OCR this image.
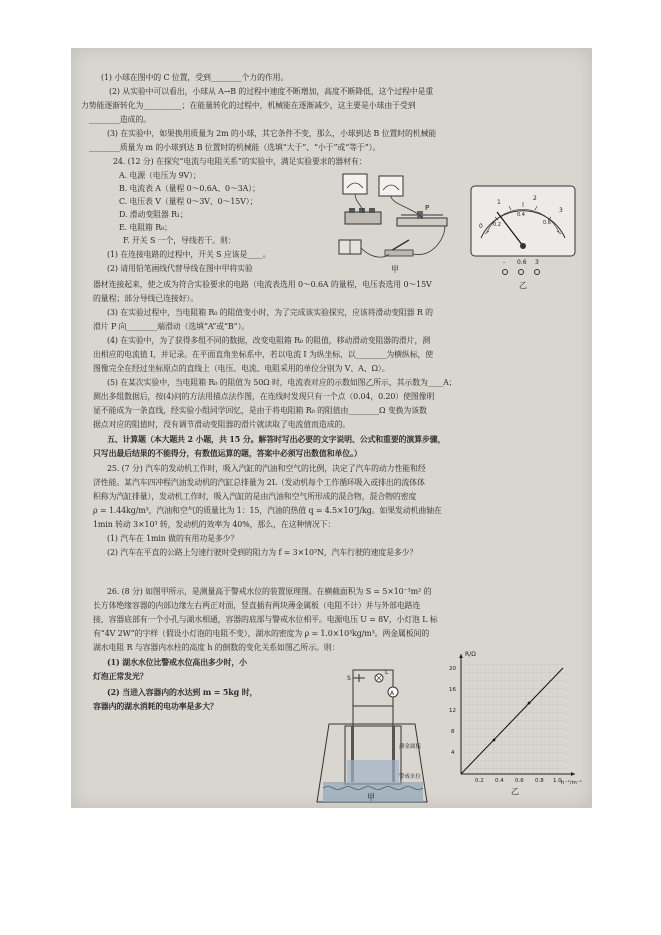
(1) 小球在图中的 C 位置，受到________个力的作用。
(2) 从实验中可以看出，小球从 A→B 的过程中速度不断增加，高度不断降低，这个过程中是重
力势能逐渐转化为__________；在能量转化的过程中，机械能在逐渐减少，这主要是小球由于受到
________造成的。
(3) 在实验中，如果换用质量为 2m 的小球，其它条件不变，那么，小球到达 B 位置时的机械能
________质量为 m 的小球到达 B 位置时的机械能（选填“大于”、“小于”或“等于”）。
24. (12 分) 在探究“电流与电阻关系”的实验中，满足实验要求的器材有：
A. 电源（电压为 9V）；
B. 电流表 A（量程 0～0.6A、0～3A）；
C. 电压表 V（量程 0～3V、0～15V）；
D. 滑动变阻器 R₁；
E. 电阻箱 R₀；
F. 开关 S 一个，导线若干。则：
(1) 在连接电路的过程中，开关 S 应该是____。
(2) 请用铅笔画线代替导线在图中甲将实验
器材连接起来，使之成为符合实验要求的电路（电流表选用 0～0.6A 的量程，电压表选用 0～15V
的量程；部分导线已连接好）。
(3) 在实验过程中，当电阻箱 R₀ 的阻值变小时，为了完成该实验探究，应该将滑动变阻器 R 的
滑片 P 向________端滑动（选填“A”或“B”）。
(4) 在实验中，为了获得多组不同的数据，改变电阻箱 R₀ 的阻值，移动滑动变阻器的滑片，测
出相应的电流值 I，并记录。在平面直角坐标系中，若以电流 I 为纵坐标，以________为横纵标，使
图像完全在经过坐标原点的直线上（电压、电流、电阻采用的单位分别为 V、A、Ω）。
(5) 在某次实验中，当电阻箱 R₀ 的阻值为 50Ω 时，电流表对应的示数如图乙所示，其示数为____A；
测出多组数据后，按(4)问的方法用描点法作图，在连线时发现只有一个点（0.04，0.20）使图像明
显不能成为一条直线，经实验小组同学回忆，是由于将电阻箱 R₀ 的阻值由________Ω 变换为该数
据点对应的阻值时，没有调节滑动变阻器的滑片就读取了电流值而造成的。
五、计算题（本大题共 2 小题，共 15 分。解答时写出必要的文字说明、公式和重要的演算步骤，
只写出最后结果的不能得分，有数值运算的题，答案中必须写出数值和单位。）
25. (7 分) 汽车的发动机工作时，吸入汽缸的汽油和空气的比例，决定了汽车的动力性能和经
济性能。某汽车四冲程汽油发动机的汽缸总排量为 2L（发动机每个工作循环吸入或排出的流体体
积称为汽缸排量），发动机工作时，吸入汽缸的是由汽油和空气所形成的混合物，混合物的密度
ρ = 1.44kg/m³，汽油和空气的质量比为 1：15，汽油的热值 q = 4.5×10⁷J/kg。如果发动机曲轴在
1min 转动 3×10³ 转，发动机的效率为 40%，那么，在这种情况下：
(1) 汽车在 1min 做的有用功是多少？
(2) 汽车在平直的公路上匀速行驶时受到的阻力为 f = 3×10³N，汽车行驶的速度是多少？
26. (8 分) 如图甲所示，是测量高于警戒水位的装置原理图。在横截面积为 S = 5×10⁻³m² 的
长方体绝缘容器的内部边缘左右两正对面，竖直插有两块薄金属板（电阻不计）并与外部电路连
接，容器底部有一个小孔与湖水相通，容器的底部与警戒水位相平。电源电压 U = 8V，小灯泡 L 标
有“4V 2W”的字样（假设小灯泡的电阻不变），湖水的密度为 ρ = 1.0×10³kg/m³。两金属板间的
湖水电阻 R 与容器内水柱的高度 h 的倒数的变化关系如图乙所示。则：
(1) 湖水水位比警戒水位高出多少时，小
灯泡正常发光？
(2) 当进入容器内的水达到 m = 5kg 时，
容器内的湖水消耗的电功率是多大？
P
甲
0
1
2
3
0.2
0.4
0.6
- 0.6 3
乙
S
L
A
薄金属板
警戒水位
甲
R/Ω
h⁻¹/m⁻¹
4
8
12
16
20
0.2 0.4 0.6 0.8 1.0
乙
